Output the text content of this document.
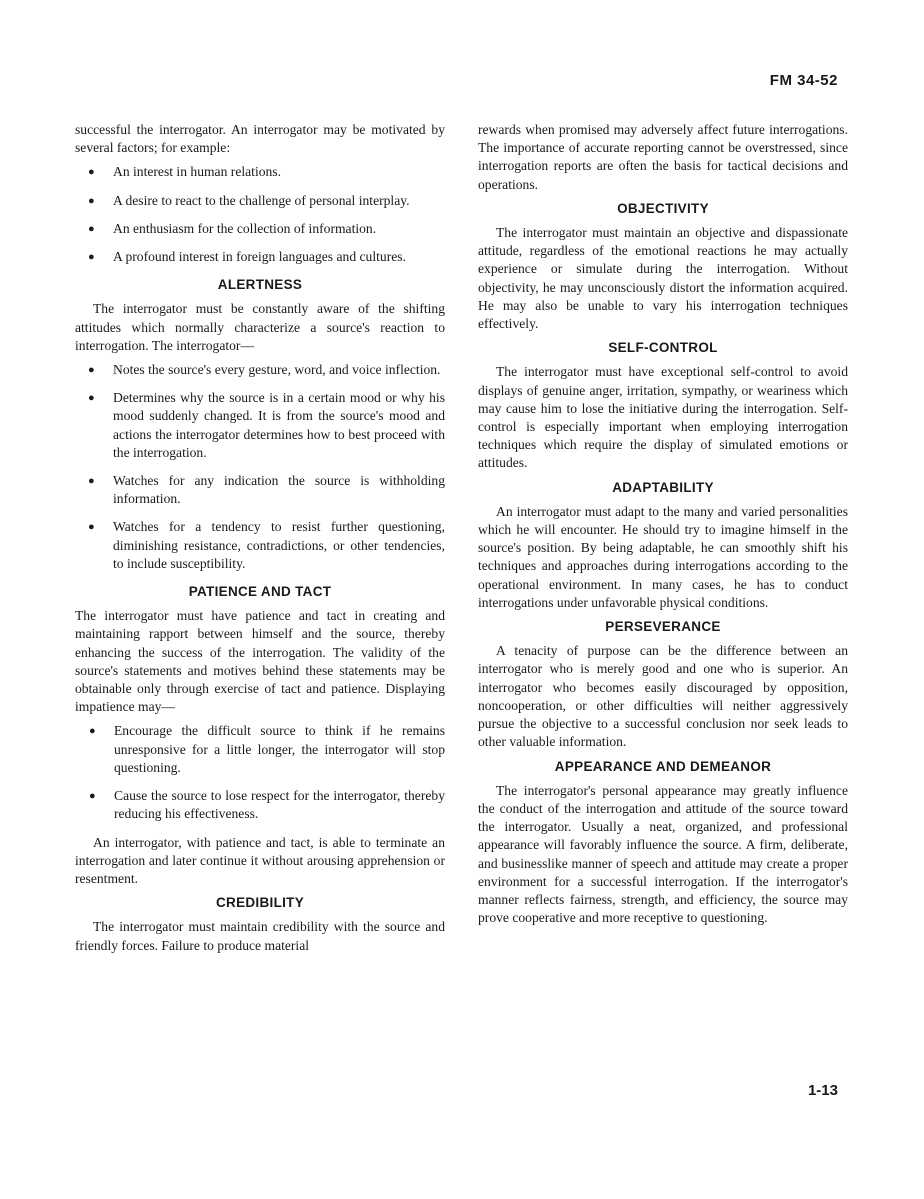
FM 34-52

successful the interrogator. An interrogator may be motivated by several factors; for example:

● An interest in human relations.
● A desire to react to the challenge of personal interplay.
● An enthusiasm for the collection of information.
● A profound interest in foreign languages and cultures.
ALERTNESS

The interrogator must be constantly aware of the shifting attitudes which normally characterize a source's reaction to interrogation. The interrogator—

● Notes the source's every gesture, word, and voice inflection.
● Determines why the source is in a certain mood or why his mood suddenly changed. It is from the source's mood and actions the interrogator determines how to best proceed with the interrogation.
● Watches for any indication the source is withholding information.
● Watches for a tendency to resist further questioning, diminishing resistance, contradictions, or other tendencies, to include susceptibility.
PATIENCE AND TACT

The interrogator must have patience and tact in creating and maintaining rapport between himself and the source, thereby enhancing the success of the interrogation. The validity of the source's statements and motives behind these statements may be obtainable only through exercise of tact and patience. Displaying impatience may—

● Encourage the difficult source to think if he remains unresponsive for a little longer, the interrogator will stop questioning.
● Cause the source to lose respect for the interrogator, thereby reducing his effectiveness.

An interrogator, with patience and tact, is able to terminate an interrogation and later continue it without arousing apprehension or resentment.

CREDIBILITY

The interrogator must maintain credibility with the source and friendly forces. Failure to produce material

rewards when promised may adversely affect future interrogations. The importance of accurate reporting cannot be overstressed, since interrogation reports are often the basis for tactical decisions and operations.

OBJECTIVITY

The interrogator must maintain an objective and dispassionate attitude, regardless of the emotional reactions he may actually experience or simulate during the interrogation. Without objectivity, he may unconsciously distort the information acquired. He may also be unable to vary his interrogation techniques effectively.

SELF-CONTROL

The interrogator must have exceptional self-control to avoid displays of genuine anger, irritation, sympathy, or weariness which may cause him to lose the initiative during the interrogation. Self-control is especially important when employing interrogation techniques which require the display of simulated emotions or attitudes.

ADAPTABILITY

An interrogator must adapt to the many and varied personalities which he will encounter. He should try to imagine himself in the source's position. By being adaptable, he can smoothly shift his techniques and approaches during interrogations according to the operational environment. In many cases, he has to conduct interrogations under unfavorable physical conditions.

PERSEVERANCE

A tenacity of purpose can be the difference between an interrogator who is merely good and one who is superior. An interrogator who becomes easily discouraged by opposition, noncooperation, or other difficulties will neither aggressively pursue the objective to a successful conclusion nor seek leads to other valuable information.

APPEARANCE AND DEMEANOR

The interrogator's personal appearance may greatly influence the conduct of the interrogation and attitude of the source toward the interrogator. Usually a neat, organized, and professional appearance will favorably influence the source. A firm, deliberate, and businesslike manner of speech and attitude may create a proper environment for a successful interrogation. If the interrogator's manner reflects fairness, strength, and efficiency, the source may prove cooperative and more receptive to questioning.

1-13
